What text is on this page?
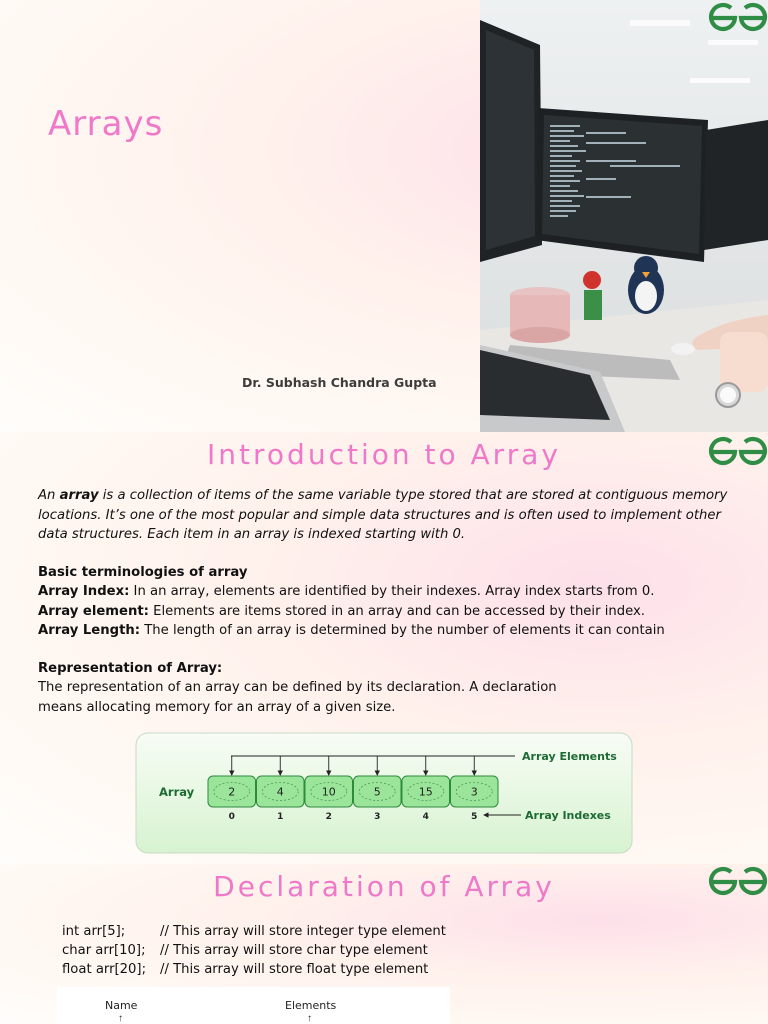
Arrays
Dr. Subhash Chandra Gupta
Introduction to Array

An array is a collection of items of the same variable type stored that are stored at contiguous memory locations. It’s one of the most popular and simple data structures and is often used to implement other data structures. Each item in an array is indexed starting with 0.

Basic terminologies of array

Array Index: In an array, elements are identified by their indexes. Array index starts from 0.

Array element: Elements are items stored in an array and can be accessed by their index.

Array Length: The length of an array is determined by the number of elements it can contain

Representation of Array:

The representation of an array can be defined by its declaration. A declaration means allocating memory for an array of a given size.

Array
Array Elements
Array Indexes
2
0
4
1
10
2
5
3
15
4
3
5
Declaration of Array
int arr[5];	// This array will store integer type element
char arr[10]; // This array will store char type element
float arr[20]; // This array will store float type element
Name	Elements
↑	↑
